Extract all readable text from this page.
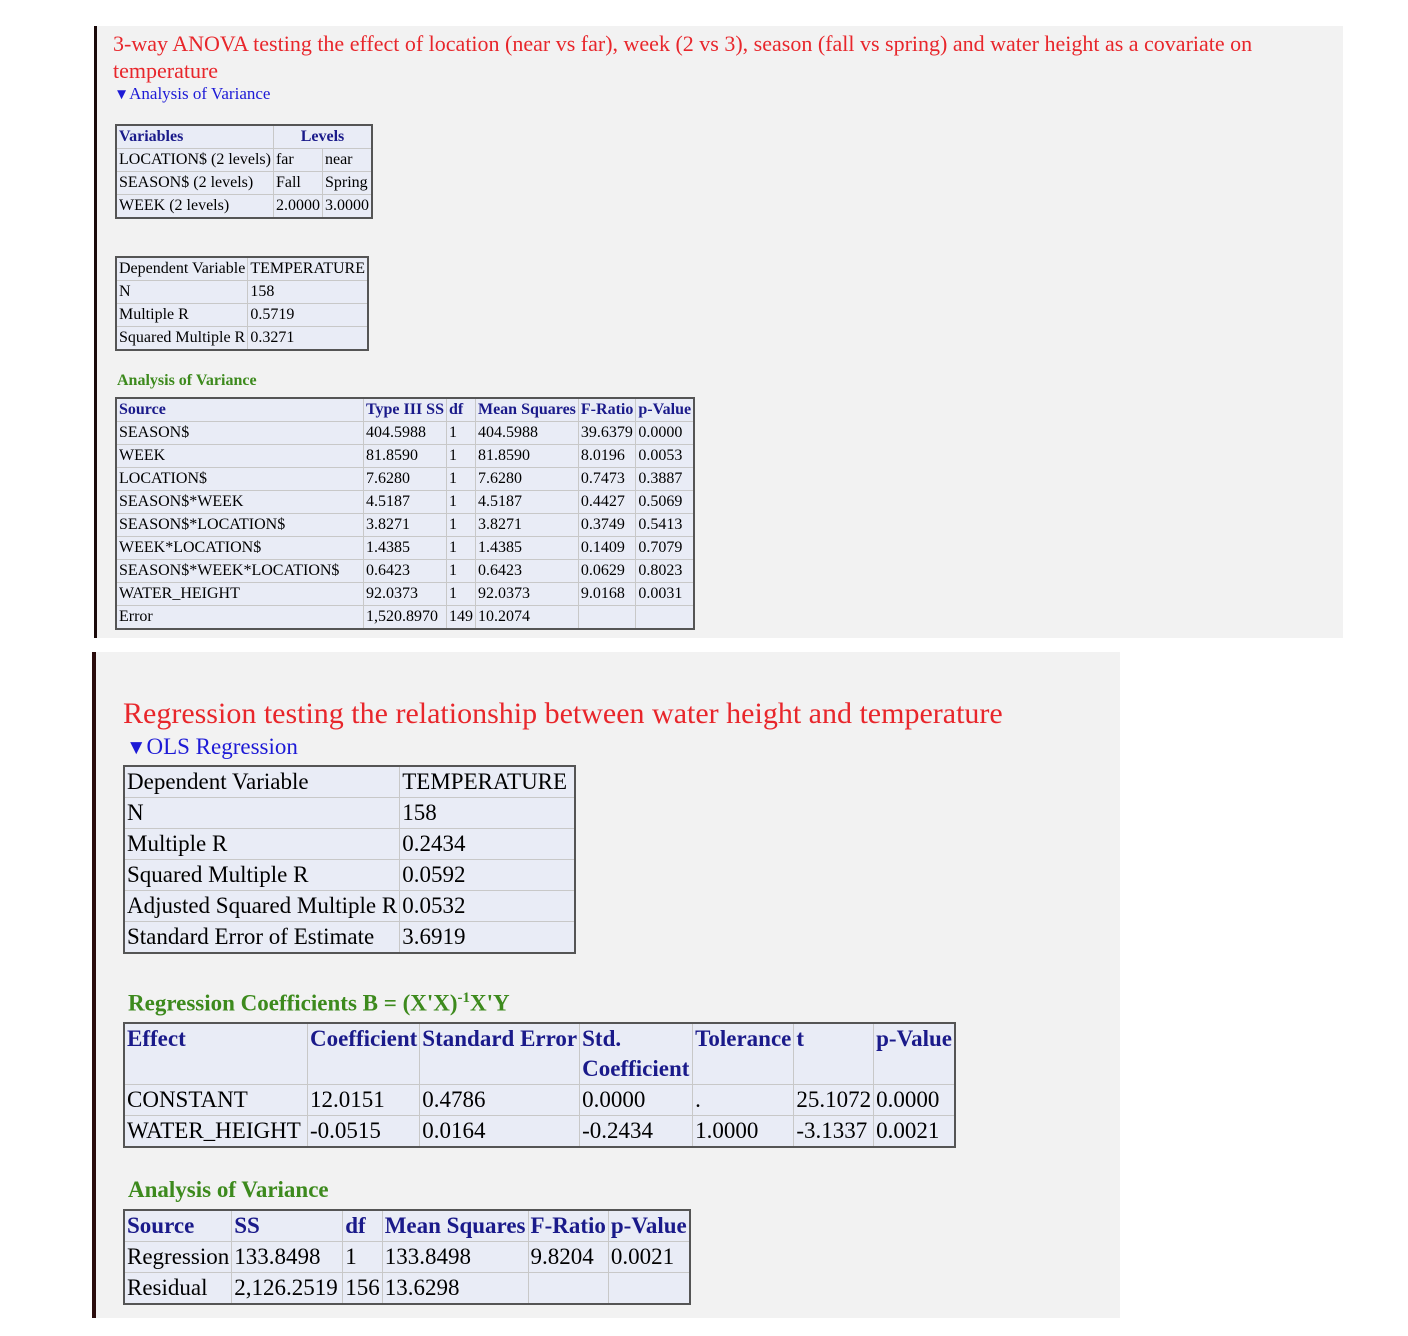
3-way ANOVA testing the effect of location (near vs far), week (2 vs 3), season (fall vs spring) and water height as a covariate on temperature
▼Analysis of Variance
Variables	Levels	
LOCATION$ (2 levels)	far	near
SEASON$ (2 levels)	Fall	Spring
WEEK (2 levels)	2.0000	3.0000
Dependent Variable	TEMPERATURE
N	158
Multiple R	0.5719
Squared Multiple R	0.3271
Analysis of Variance
Source	Type III SS	df	Mean Squares	F-Ratio	p-Value
SEASON$	404.5988	1	404.5988	39.6379	0.0000
WEEK	81.8590	1	81.8590	8.0196	0.0053
LOCATION$	7.6280	1	7.6280	0.7473	0.3887
SEASON$*WEEK	4.5187	1	4.5187	0.4427	0.5069
SEASON$*LOCATION$	3.8271	1	3.8271	0.3749	0.5413
WEEK*LOCATION$	1.4385	1	1.4385	0.1409	0.7079
SEASON$*WEEK*LOCATION$	0.6423	1	0.6423	0.0629	0.8023
WATER_HEIGHT	92.0373	1	92.0373	9.0168	0.0031
Error	1,520.8970	149	10.2074		
Regression testing the relationship between water height and temperature
▼OLS Regression
Dependent Variable	TEMPERATURE
N	158
Multiple R	0.2434
Squared Multiple R	0.0592
Adjusted Squared Multiple R	0.0532
Standard Error of Estimate	3.6919
Regression Coefficients $B = (X'X)^{-1}X'Y$
Effect	Coefficient	Standard Error	Std. Coefficient	Tolerance	t	p-Value
CONSTANT	12.0151	0.4786	0.0000	.	25.1072	0.0000
WATER_HEIGHT	-0.0515	0.0164	-0.2434	1.0000	-3.1337	0.0021
Analysis of Variance
Source	SS	df	Mean Squares	F-Ratio	p-Value
Regression	133.8498	1	133.8498	9.8204	0.0021
Residual	2,126.2519	156	13.6298		
